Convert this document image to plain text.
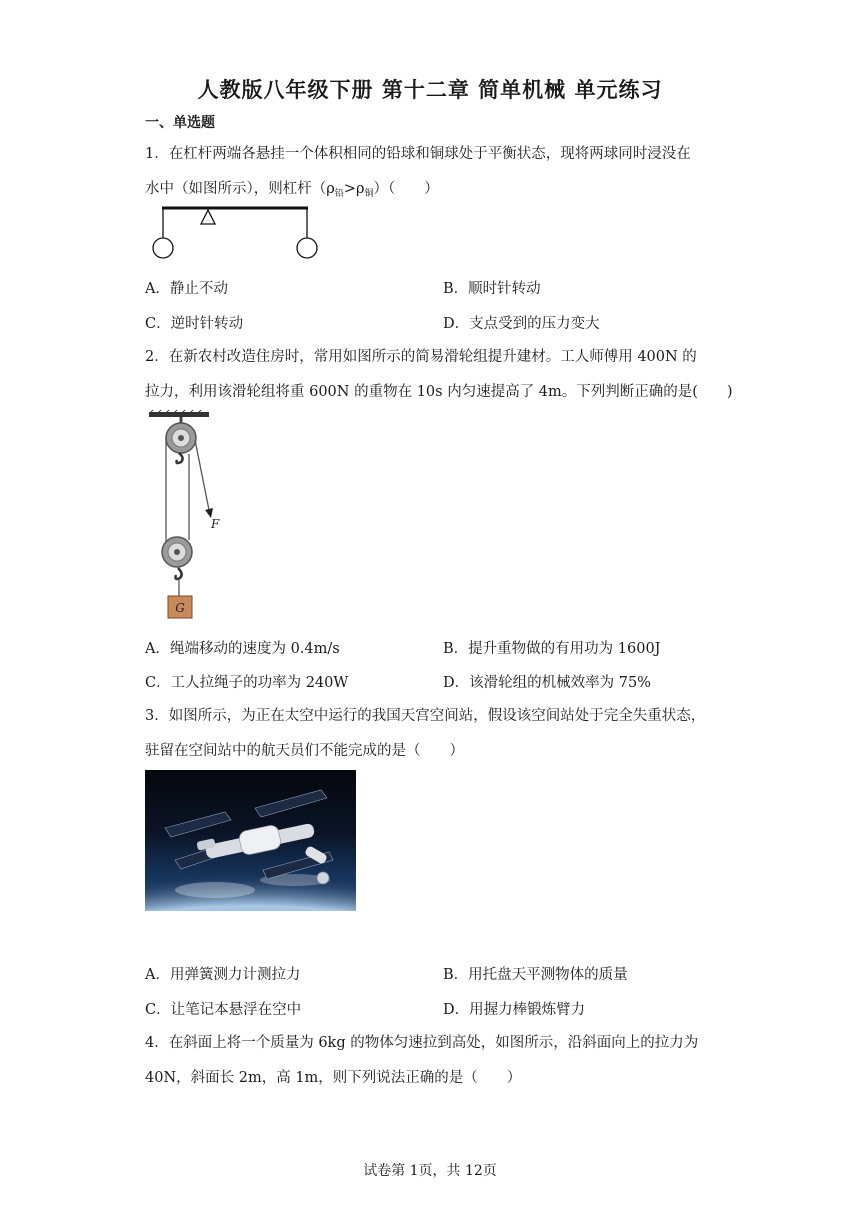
人教版八年级下册 第十二章 简单机械 单元练习
一、单选题
1．在杠杆两端各悬挂一个体积相同的铅球和铜球处于平衡状态，现将两球同时浸没在
水中（如图所示），则杠杆$(\rho_铅>\rho_铜)$（　　）
A．静止不动	B．顺时针转动
C．逆时针转动	D．支点受到的压力变大
2．在新农村改造住房时，常用如图所示的简易滑轮组提升建材。工人师傅用 400N 的
拉力，利用该滑轮组将重 600N 的重物在 10s 内匀速提高了 4m。下列判断正确的是(　　)
F
G
A．绳端移动的速度为 0.4m/s	B．提升重物做的有用功为 1600J
C．工人拉绳子的功率为 240W	D．该滑轮组的机械效率为 75%
3．如图所示，为正在太空中运行的我国天宫空间站，假设该空间站处于完全失重状态，
驻留在空间站中的航天员们不能完成的是（　　）
A．用弹簧测力计测拉力	B．用托盘天平测物体的质量
C．让笔记本悬浮在空中	D．用握力棒锻炼臂力
4．在斜面上将一个质量为 6kg 的物体匀速拉到高处，如图所示，沿斜面向上的拉力为
40N，斜面长 2m，高 1m，则下列说法正确的是（　　）
试卷第 1页，共 12页
